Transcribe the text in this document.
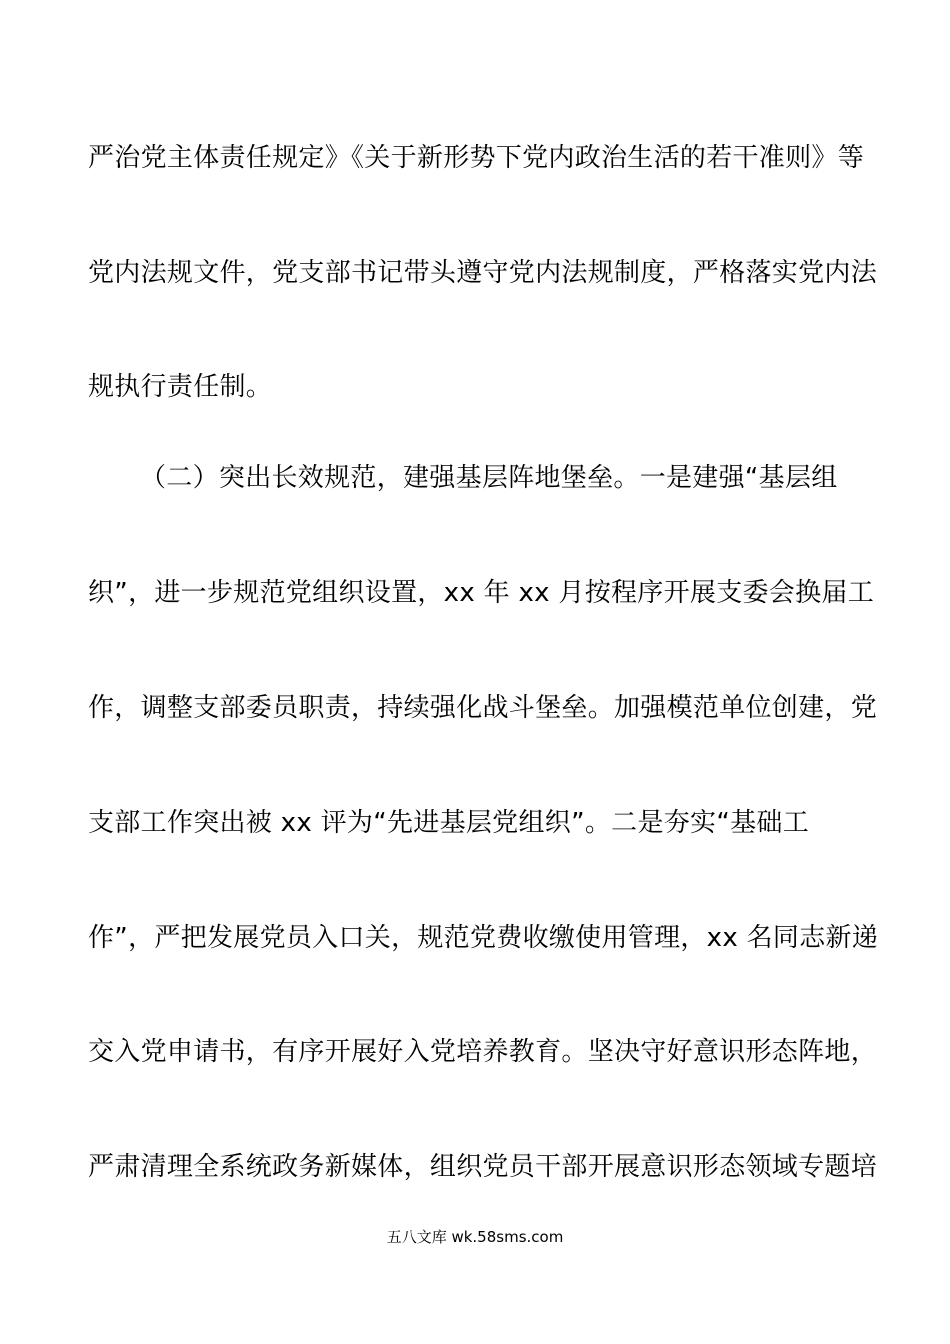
严治党主体责任规定》《关于新形势下党内政治生活的若干准则》等
党内法规文件，党支部书记带头遵守党内法规制度，严格落实党内法
规执行责任制。
（二）突出长效规范，建强基层阵地堡垒。一是建强“基层组
织”，进一步规范党组织设置，xx 年 xx 月按程序开展支委会换届工
作，调整支部委员职责，持续强化战斗堡垒。加强模范单位创建，党
支部工作突出被 xx 评为“先进基层党组织”。二是夯实“基础工
作”，严把发展党员入口关，规范党费收缴使用管理，xx 名同志新递
交入党申请书，有序开展好入党培养教育。坚决守好意识形态阵地，
严肃清理全系统政务新媒体，组织党员干部开展意识形态领域专题培
五八文库 wk.58sms.com
